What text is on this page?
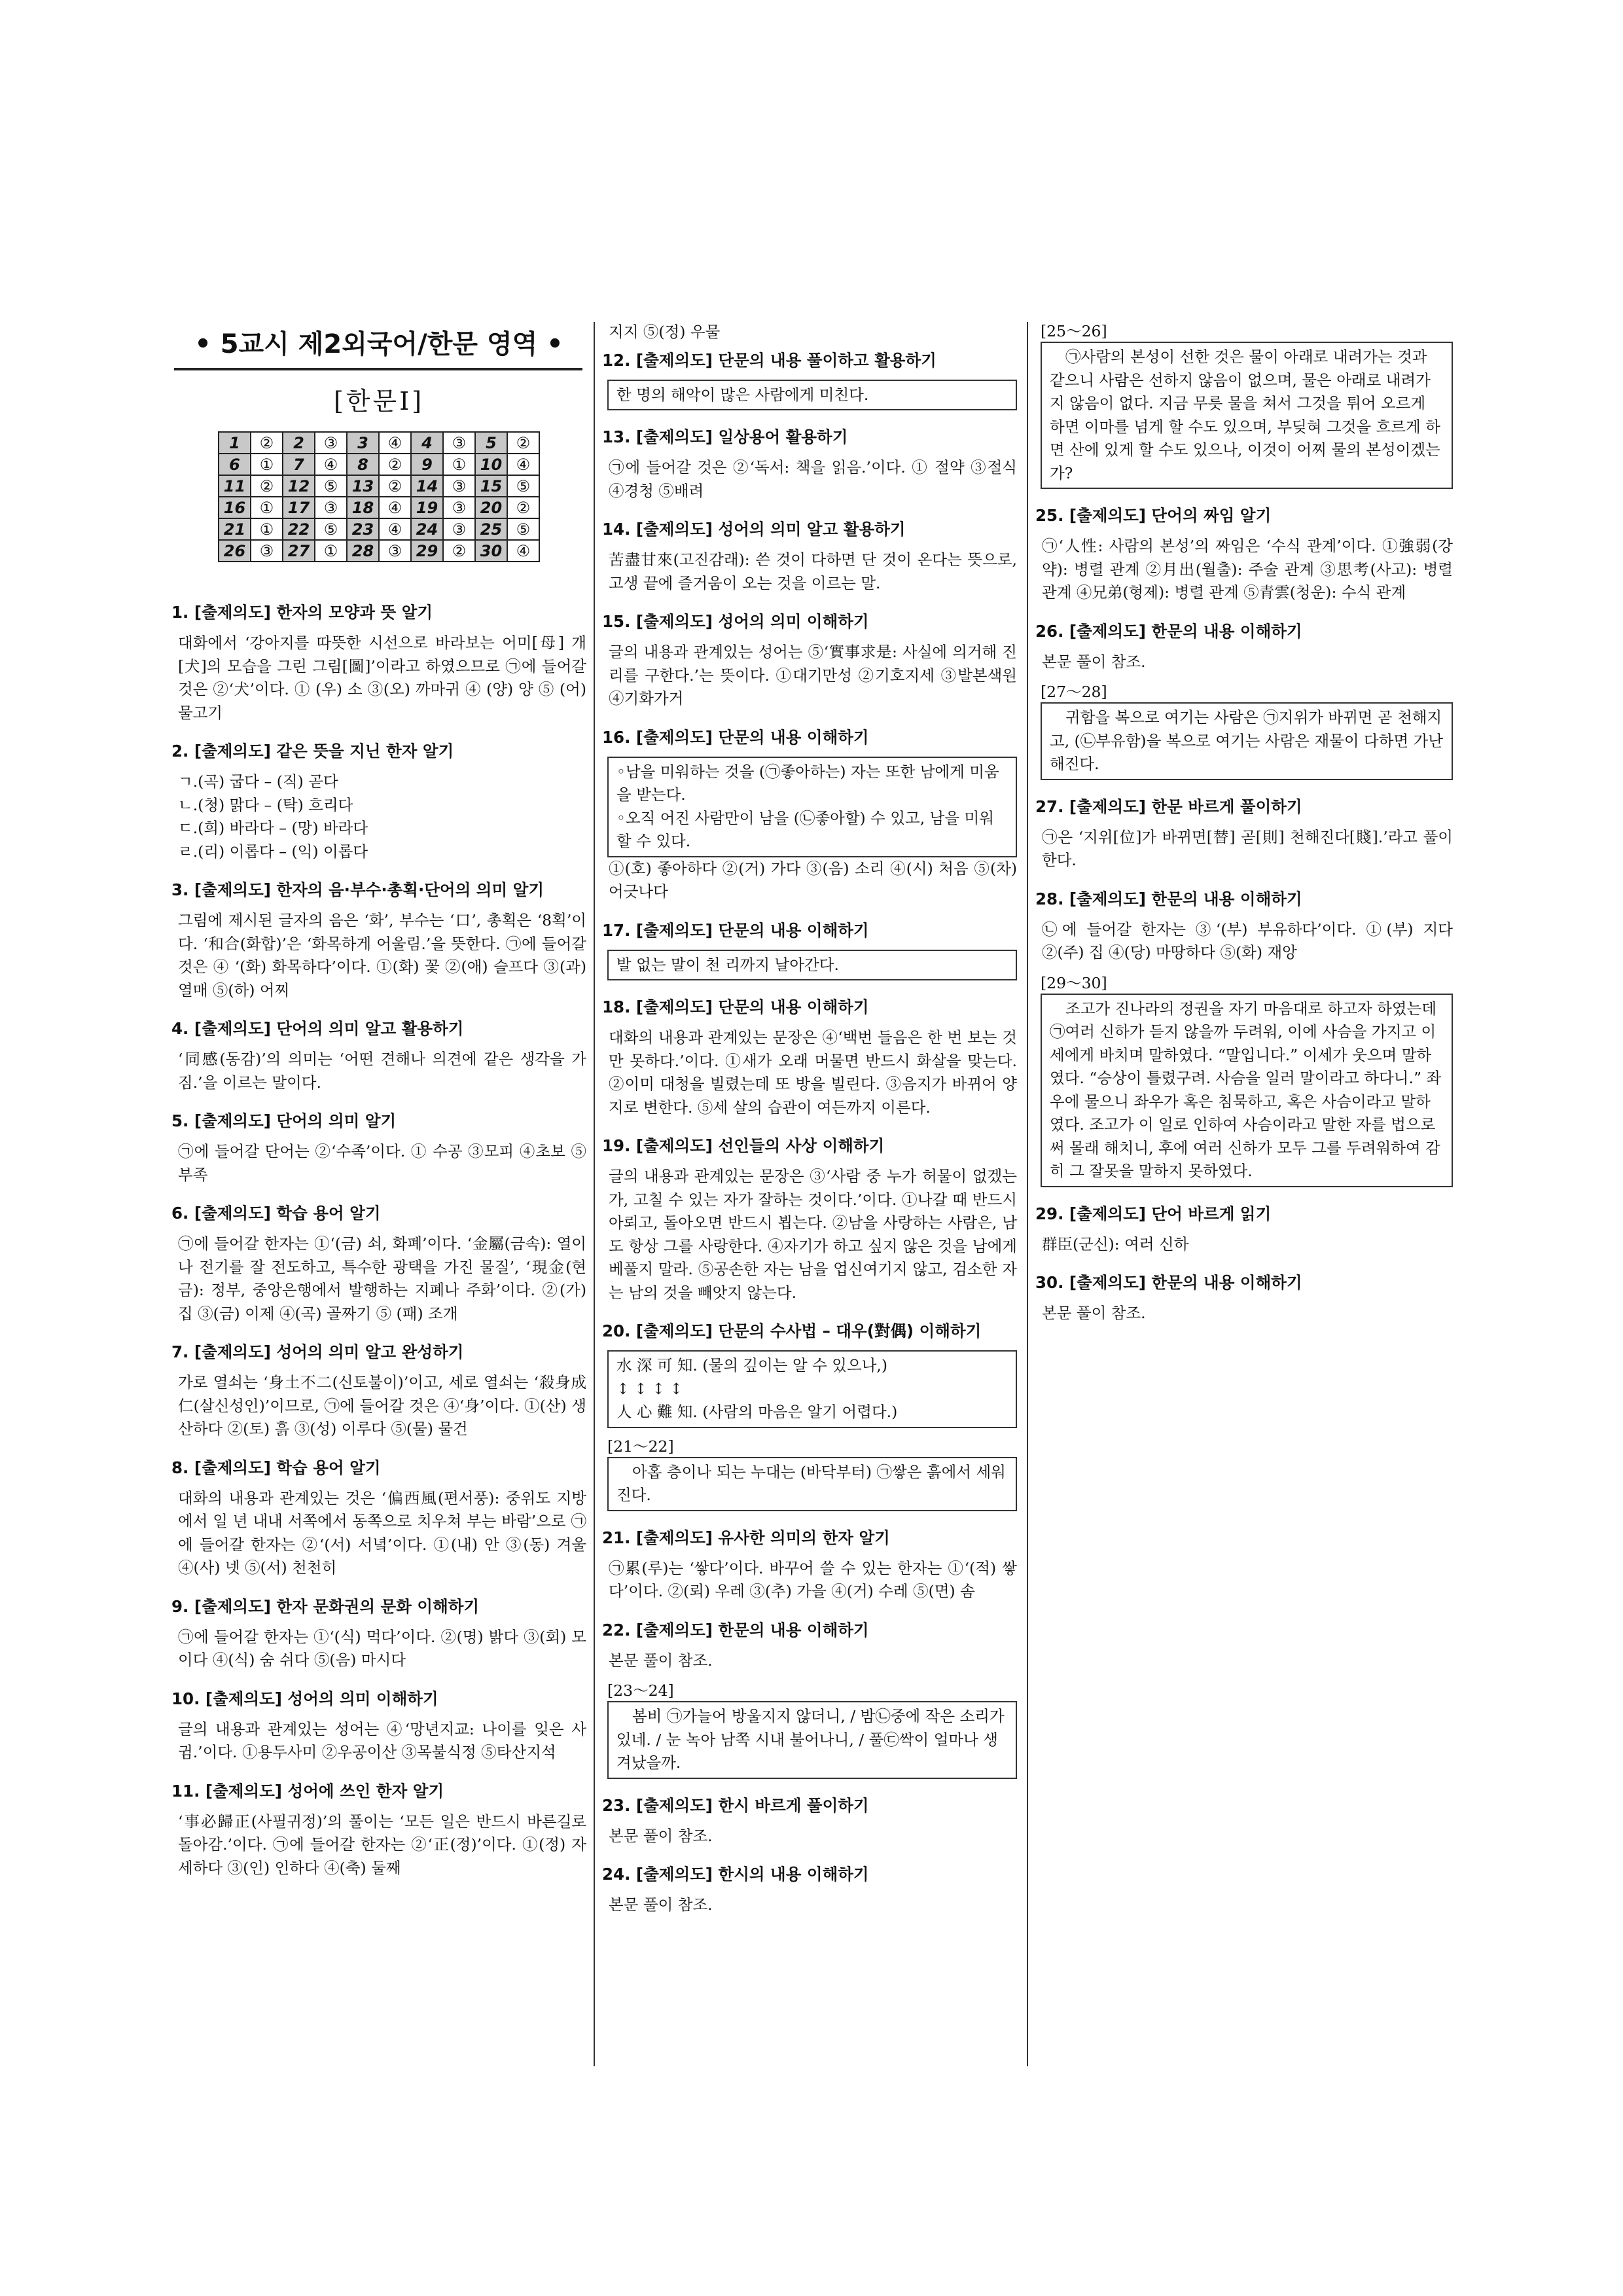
• 5교시 제2외국어/한문 영역 •
[한문Ⅰ]
1	②	2	③	3	④	4	③	5	②
6	①	7	④	8	②	9	①	10	④
11	②	12	⑤	13	②	14	③	15	⑤
16	①	17	③	18	④	19	③	20	②
21	①	22	⑤	23	④	24	③	25	⑤
26	③	27	①	28	③	29	②	30	④
1. [출제의도] 한자의 모양과 뜻 알기
대화에서 ‘강아지를 따뜻한 시선으로 바라보는 어미[母] 개[犬]의 모습을 그린 그림[圖]’이라고 하였으므로 ㉠에 들어갈 것은 ②‘犬’이다. ① (우) 소 ③(오) 까마귀 ④ (양) 양 ⑤ (어) 물고기
2. [출제의도] 같은 뜻을 지닌 한자 알기
ㄱ.(곡) 굽다 – (직) 곧다
ㄴ.(청) 맑다 – (탁) 흐리다
ㄷ.(희) 바라다 – (망) 바라다
ㄹ.(리) 이롭다 – (익) 이롭다
3. [출제의도] 한자의 음·부수·총획·단어의 의미 알기
그림에 제시된 글자의 음은 ‘화’, 부수는 ‘口’, 총획은 ‘8획’이다. ‘和合(화합)’은 ‘화목하게 어울림.’을 뜻한다. ㉠에 들어갈 것은 ④ ‘(화) 화목하다’이다. ①(화) 꽃 ②(애) 슬프다 ③(과) 열매 ⑤(하) 어찌
4. [출제의도] 단어의 의미 알고 활용하기
‘同感(동감)’의 의미는 ‘어떤 견해나 의견에 같은 생각을 가짐.’을 이르는 말이다.
5. [출제의도] 단어의 의미 알기
㉠에 들어갈 단어는 ②‘수족’이다. ① 수공 ③모피 ④초보 ⑤부족
6. [출제의도] 학습 용어 알기
㉠에 들어갈 한자는 ①‘(금) 쇠, 화폐’이다. ‘金屬(금속): 열이나 전기를 잘 전도하고, 특수한 광택을 가진 물질’, ‘現金(현금): 정부, 중앙은행에서 발행하는 지폐나 주화’이다. ②(가) 집 ③(금) 이제 ④(곡) 골짜기 ⑤ (패) 조개
7. [출제의도] 성어의 의미 알고 완성하기
가로 열쇠는 ‘身土不二(신토불이)’이고, 세로 열쇠는 ‘殺身成仁(살신성인)’이므로, ㉠에 들어갈 것은 ④‘身’이다. ①(산) 생산하다 ②(토) 흙 ③(성) 이루다 ⑤(물) 물건
8. [출제의도] 학습 용어 알기
대화의 내용과 관계있는 것은 ‘偏西風(편서풍): 중위도 지방에서 일 년 내내 서쪽에서 동쪽으로 치우쳐 부는 바람’으로 ㉠에 들어갈 한자는 ②‘(서) 서녘’이다. ①(내) 안 ③(동) 겨울 ④(사) 넷 ⑤(서) 천천히
9. [출제의도] 한자 문화권의 문화 이해하기
㉠에 들어갈 한자는 ①‘(식) 먹다’이다. ②(명) 밝다 ③(회) 모이다 ④(식) 숨 쉬다 ⑤(음) 마시다
10. [출제의도] 성어의 의미 이해하기
글의 내용과 관계있는 성어는 ④‘망년지교: 나이를 잊은 사귐.’이다. ①용두사미 ②우공이산 ③목불식정 ⑤타산지석
11. [출제의도] 성어에 쓰인 한자 알기
‘事必歸正(사필귀정)’의 풀이는 ‘모든 일은 반드시 바른길로 돌아감.’이다. ㉠에 들어갈 한자는 ②‘正(정)’이다. ①(정) 자세하다 ③(인) 인하다 ④(축) 둘째
지지 ⑤(정) 우물
12. [출제의도] 단문의 내용 풀이하고 활용하기
한 명의 해악이 많은 사람에게 미친다.
13. [출제의도] 일상용어 활용하기
㉠에 들어갈 것은 ②‘독서: 책을 읽음.’이다. ① 절약 ③절식 ④경청 ⑤배려
14. [출제의도] 성어의 의미 알고 활용하기
苦盡甘來(고진감래): 쓴 것이 다하면 단 것이 온다는 뜻으로, 고생 끝에 즐거움이 오는 것을 이르는 말.
15. [출제의도] 성어의 의미 이해하기
글의 내용과 관계있는 성어는 ⑤‘實事求是: 사실에 의거해 진리를 구한다.’는 뜻이다. ①대기만성 ②기호지세 ③발본색원 ④기화가거
16. [출제의도] 단문의 내용 이해하기
◦남을 미워하는 것을 (㉠좋아하는) 자는 또한 남에게 미움을 받는다.
◦오직 어진 사람만이 남을 (㉡좋아할) 수 있고, 남을 미워할 수 있다.
①(호) 좋아하다 ②(거) 가다 ③(음) 소리 ④(시) 처음 ⑤(차) 어긋나다
17. [출제의도] 단문의 내용 이해하기
발 없는 말이 천 리까지 날아간다.
18. [출제의도] 단문의 내용 이해하기
대화의 내용과 관계있는 문장은 ④‘백번 들음은 한 번 보는 것만 못하다.’이다. ①새가 오래 머물면 반드시 화살을 맞는다. ②이미 대청을 빌렸는데 또 방을 빌린다. ③음지가 바뀌어 양지로 변한다. ⑤세 살의 습관이 여든까지 이른다.
19. [출제의도] 선인들의 사상 이해하기
글의 내용과 관계있는 문장은 ③‘사람 중 누가 허물이 없겠는가, 고칠 수 있는 자가 잘하는 것이다.’이다. ①나갈 때 반드시 아뢰고, 돌아오면 반드시 뵙는다. ②남을 사랑하는 사람은, 남도 항상 그를 사랑한다. ④자기가 하고 싶지 않은 것을 남에게 베풀지 말라. ⑤공손한 자는 남을 업신여기지 않고, 검소한 자는 남의 것을 빼앗지 않는다.
20. [출제의도] 단문의 수사법 – 대우(對偶) 이해하기
水 深 可 知. (물의 깊이는 알 수 있으나,)
↕ ↕ ↕ ↕
人 心 難 知. (사람의 마음은 알기 어렵다.)
[21～22]
아홉 층이나 되는 누대는 (바닥부터) ㉠쌓은 흙에서 세워진다.
21. [출제의도] 유사한 의미의 한자 알기
㉠累(루)는 ‘쌓다’이다. 바꾸어 쓸 수 있는 한자는 ①‘(적) 쌓다’이다. ②(뢰) 우레 ③(추) 가을 ④(거) 수레 ⑤(면) 솜
22. [출제의도] 한문의 내용 이해하기
본문 풀이 참조.
[23～24]
봄비 ㉠가늘어 방울지지 않더니, / 밤㉡중에 작은 소리가 있네. / 눈 녹아 남쪽 시내 불어나니, / 풀㉢싹이 얼마나 생겨났을까.
23. [출제의도] 한시 바르게 풀이하기
본문 풀이 참조.
24. [출제의도] 한시의 내용 이해하기
본문 풀이 참조.
[25～26]
㉠사람의 본성이 선한 것은 물이 아래로 내려가는 것과 같으니 사람은 선하지 않음이 없으며, 물은 아래로 내려가지 않음이 없다. 지금 무릇 물을 쳐서 그것을 튀어 오르게 하면 이마를 넘게 할 수도 있으며, 부딪혀 그것을 흐르게 하면 산에 있게 할 수도 있으나, 이것이 어찌 물의 본성이겠는가?
25. [출제의도] 단어의 짜임 알기
㉠‘人性: 사람의 본성’의 짜임은 ‘수식 관계’이다. ①強弱(강약): 병렬 관계 ②月出(월출): 주술 관계 ③思考(사고): 병렬 관계 ④兄弟(형제): 병렬 관계 ⑤青雲(청운): 수식 관계
26. [출제의도] 한문의 내용 이해하기
본문 풀이 참조.
[27～28]
귀함을 복으로 여기는 사람은 ㉠지위가 바뀌면 곧 천해지고, (㉡부유함)을 복으로 여기는 사람은 재물이 다하면 가난해진다.
27. [출제의도] 한문 바르게 풀이하기
㉠은 ‘지위[位]가 바뀌면[替] 곧[則] 천해진다[賤].’라고 풀이한다.
28. [출제의도] 한문의 내용 이해하기
㉡에 들어갈 한자는 ③‘(부) 부유하다’이다. ①(부) 지다 ②(주) 집 ④(당) 마땅하다 ⑤(화) 재앙
[29～30]
조고가 진나라의 정권을 자기 마음대로 하고자 하였는데 ㉠여러 신하가 듣지 않을까 두려워, 이에 사슴을 가지고 이세에게 바치며 말하였다. “말입니다.” 이세가 웃으며 말하였다. “승상이 틀렸구려. 사슴을 일러 말이라고 하다니.” 좌우에 물으니 좌우가 혹은 침묵하고, 혹은 사슴이라고 말하였다. 조고가 이 일로 인하여 사슴이라고 말한 자를 법으로써 몰래 해치니, 후에 여러 신하가 모두 그를 두려워하여 감히 그 잘못을 말하지 못하였다.
29. [출제의도] 단어 바르게 읽기
群臣(군신): 여러 신하
30. [출제의도] 한문의 내용 이해하기
본문 풀이 참조.
